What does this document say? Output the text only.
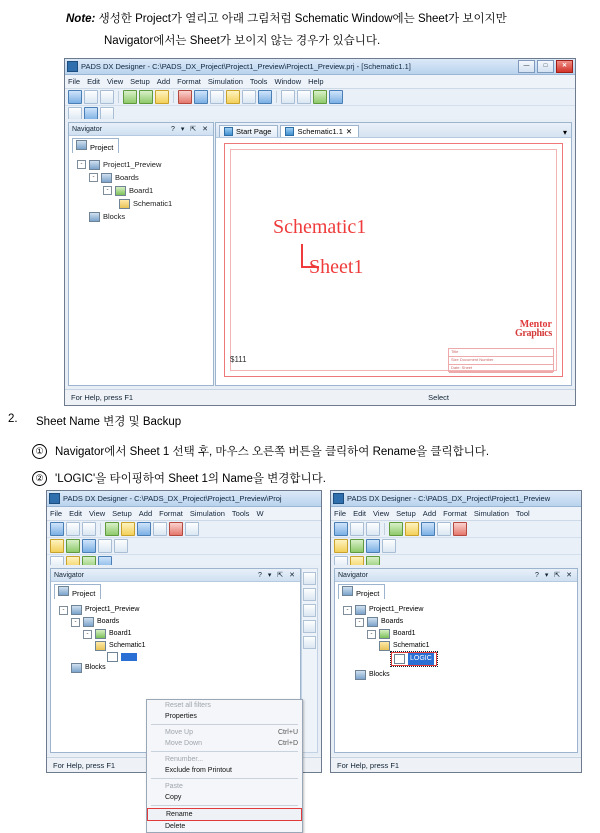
Note: 생성한 Project가 열리고 아래 그림처럼 Schematic Window에는 Sheet가 보이지만
Navigator에서는 Sheet가 보이지 않는 경우가 있습니다.
PADS DX Designer - C:\PADS_DX_Project\Project1_Preview\Project1_Preview.prj - [Schematic1.1]	—	□	✕
File Edit View Setup Add Format Simulation Tools Window Help
Navigator	? ▾ ⇱ ✕
Project
-	Project1_Preview
-	Boards
-	Board1
Schematic1
Blocks
Start Page	Schematic1.1 ✕	▾
Schematic1
Sheet1
Mentor
Graphics
Title
Size Document Number
Date: Sheet
$111
For Help, press F1	Select
2. Sheet Name 변경 및 Backup
① Navigator에서 Sheet 1 선택 후, 마우스 오른쪽 버튼을 클릭하여 Rename을 클릭합니다.
② 'LOGIC'을 타이핑하여 Sheet 1의 Name을 변경합니다.
PADS DX Designer - C:\PADS_DX_Project\Project1_Preview\Proj
File Edit View Setup Add Format Simulation Tools W
Navigator	? ▾ ⇱ ✕
Project
-	Project1_Preview
-	Boards
-	Board1
Schematic1
Blocks
Reset all filters
Properties
Move Up	Ctrl+U
Move Down	Ctrl+D
Renumber...
Exclude from Printout
Paste
Copy
Rename
Delete
For Help, press F1
PADS DX Designer - C:\PADS_DX_Project\Project1_Preview
File Edit View Setup Add Format Simulation Tool
Navigator	? ▾ ⇱ ✕
Project
-	Project1_Preview
-	Boards
-	Board1
Schematic1
LOGIC
Blocks
For Help, press F1
